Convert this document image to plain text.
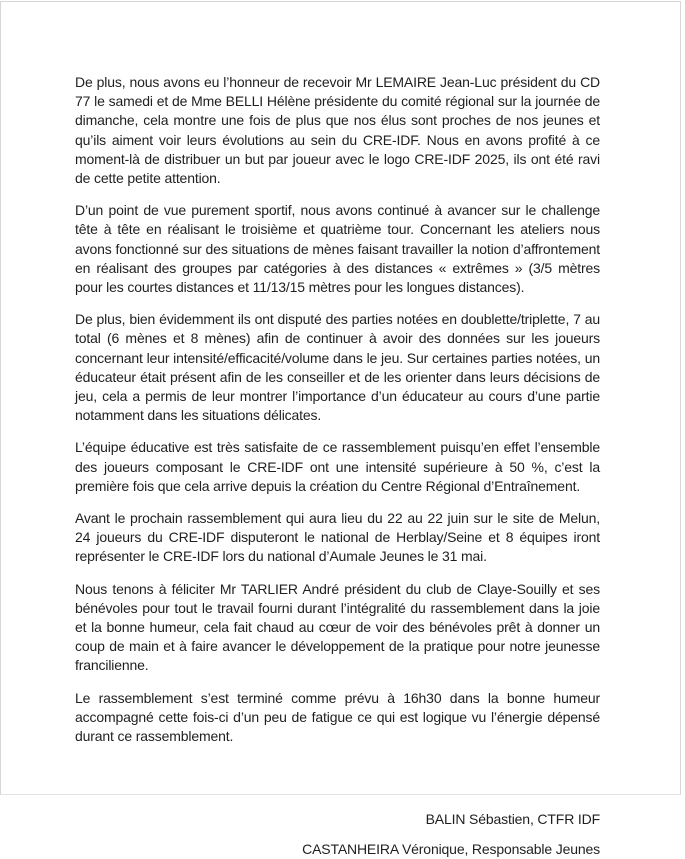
De plus, nous avons eu l’honneur de recevoir Mr LEMAIRE Jean-Luc président du CD 77 le samedi et de Mme BELLI Hélène présidente du comité régional sur la journée de dimanche, cela montre une fois de plus que nos élus sont proches de nos jeunes et qu’ils aiment voir leurs évolutions au sein du CRE-IDF. Nous en avons profité à ce moment-là de distribuer un but par joueur avec le logo CRE-IDF 2025, ils ont été ravi de cette petite attention.

D’un point de vue purement sportif, nous avons continué à avancer sur le challenge tête à tête en réalisant le troisième et quatrième tour. Concernant les ateliers nous avons fonctionné sur des situations de mènes faisant travailler la notion d’affrontement en réalisant des groupes par catégories à des distances « extrêmes » (3/5 mètres pour les courtes distances et 11/13/15 mètres pour les longues distances).

De plus, bien évidemment ils ont disputé des parties notées en doublette/triplette, 7 au total (6 mènes et 8 mènes) afin de continuer à avoir des données sur les joueurs concernant leur intensité/efficacité/volume dans le jeu. Sur certaines parties notées, un éducateur était présent afin de les conseiller et de les orienter dans leurs décisions de jeu, cela a permis de leur montrer l’importance d’un éducateur au cours d’une partie notamment dans les situations délicates.

L’équipe éducative est très satisfaite de ce rassemblement puisqu’en effet l’ensemble des joueurs composant le CRE-IDF ont une intensité supérieure à 50 %, c’est la première fois que cela arrive depuis la création du Centre Régional d’Entraînement.

Avant le prochain rassemblement qui aura lieu du 22 au 22 juin sur le site de Melun, 24 joueurs du CRE-IDF disputeront le national de Herblay/Seine et 8 équipes iront représenter le CRE-IDF lors du national d’Aumale Jeunes le 31 mai.

Nous tenons à féliciter Mr TARLIER André président du club de Claye-Souilly et ses bénévoles pour tout le travail fourni durant l’intégralité du rassemblement dans la joie et la bonne humeur, cela fait chaud au cœur de voir des bénévoles prêt à donner un coup de main et à faire avancer le développement de la pratique pour notre jeunesse francilienne.

Le rassemblement s’est terminé comme prévu à 16h30 dans la bonne humeur accompagné cette fois-ci d’un peu de fatigue ce qui est logique vu l’énergie dépensé durant ce rassemblement.

BALIN Sébastien, CTFR IDF

CASTANHEIRA Véronique, Responsable Jeunes
